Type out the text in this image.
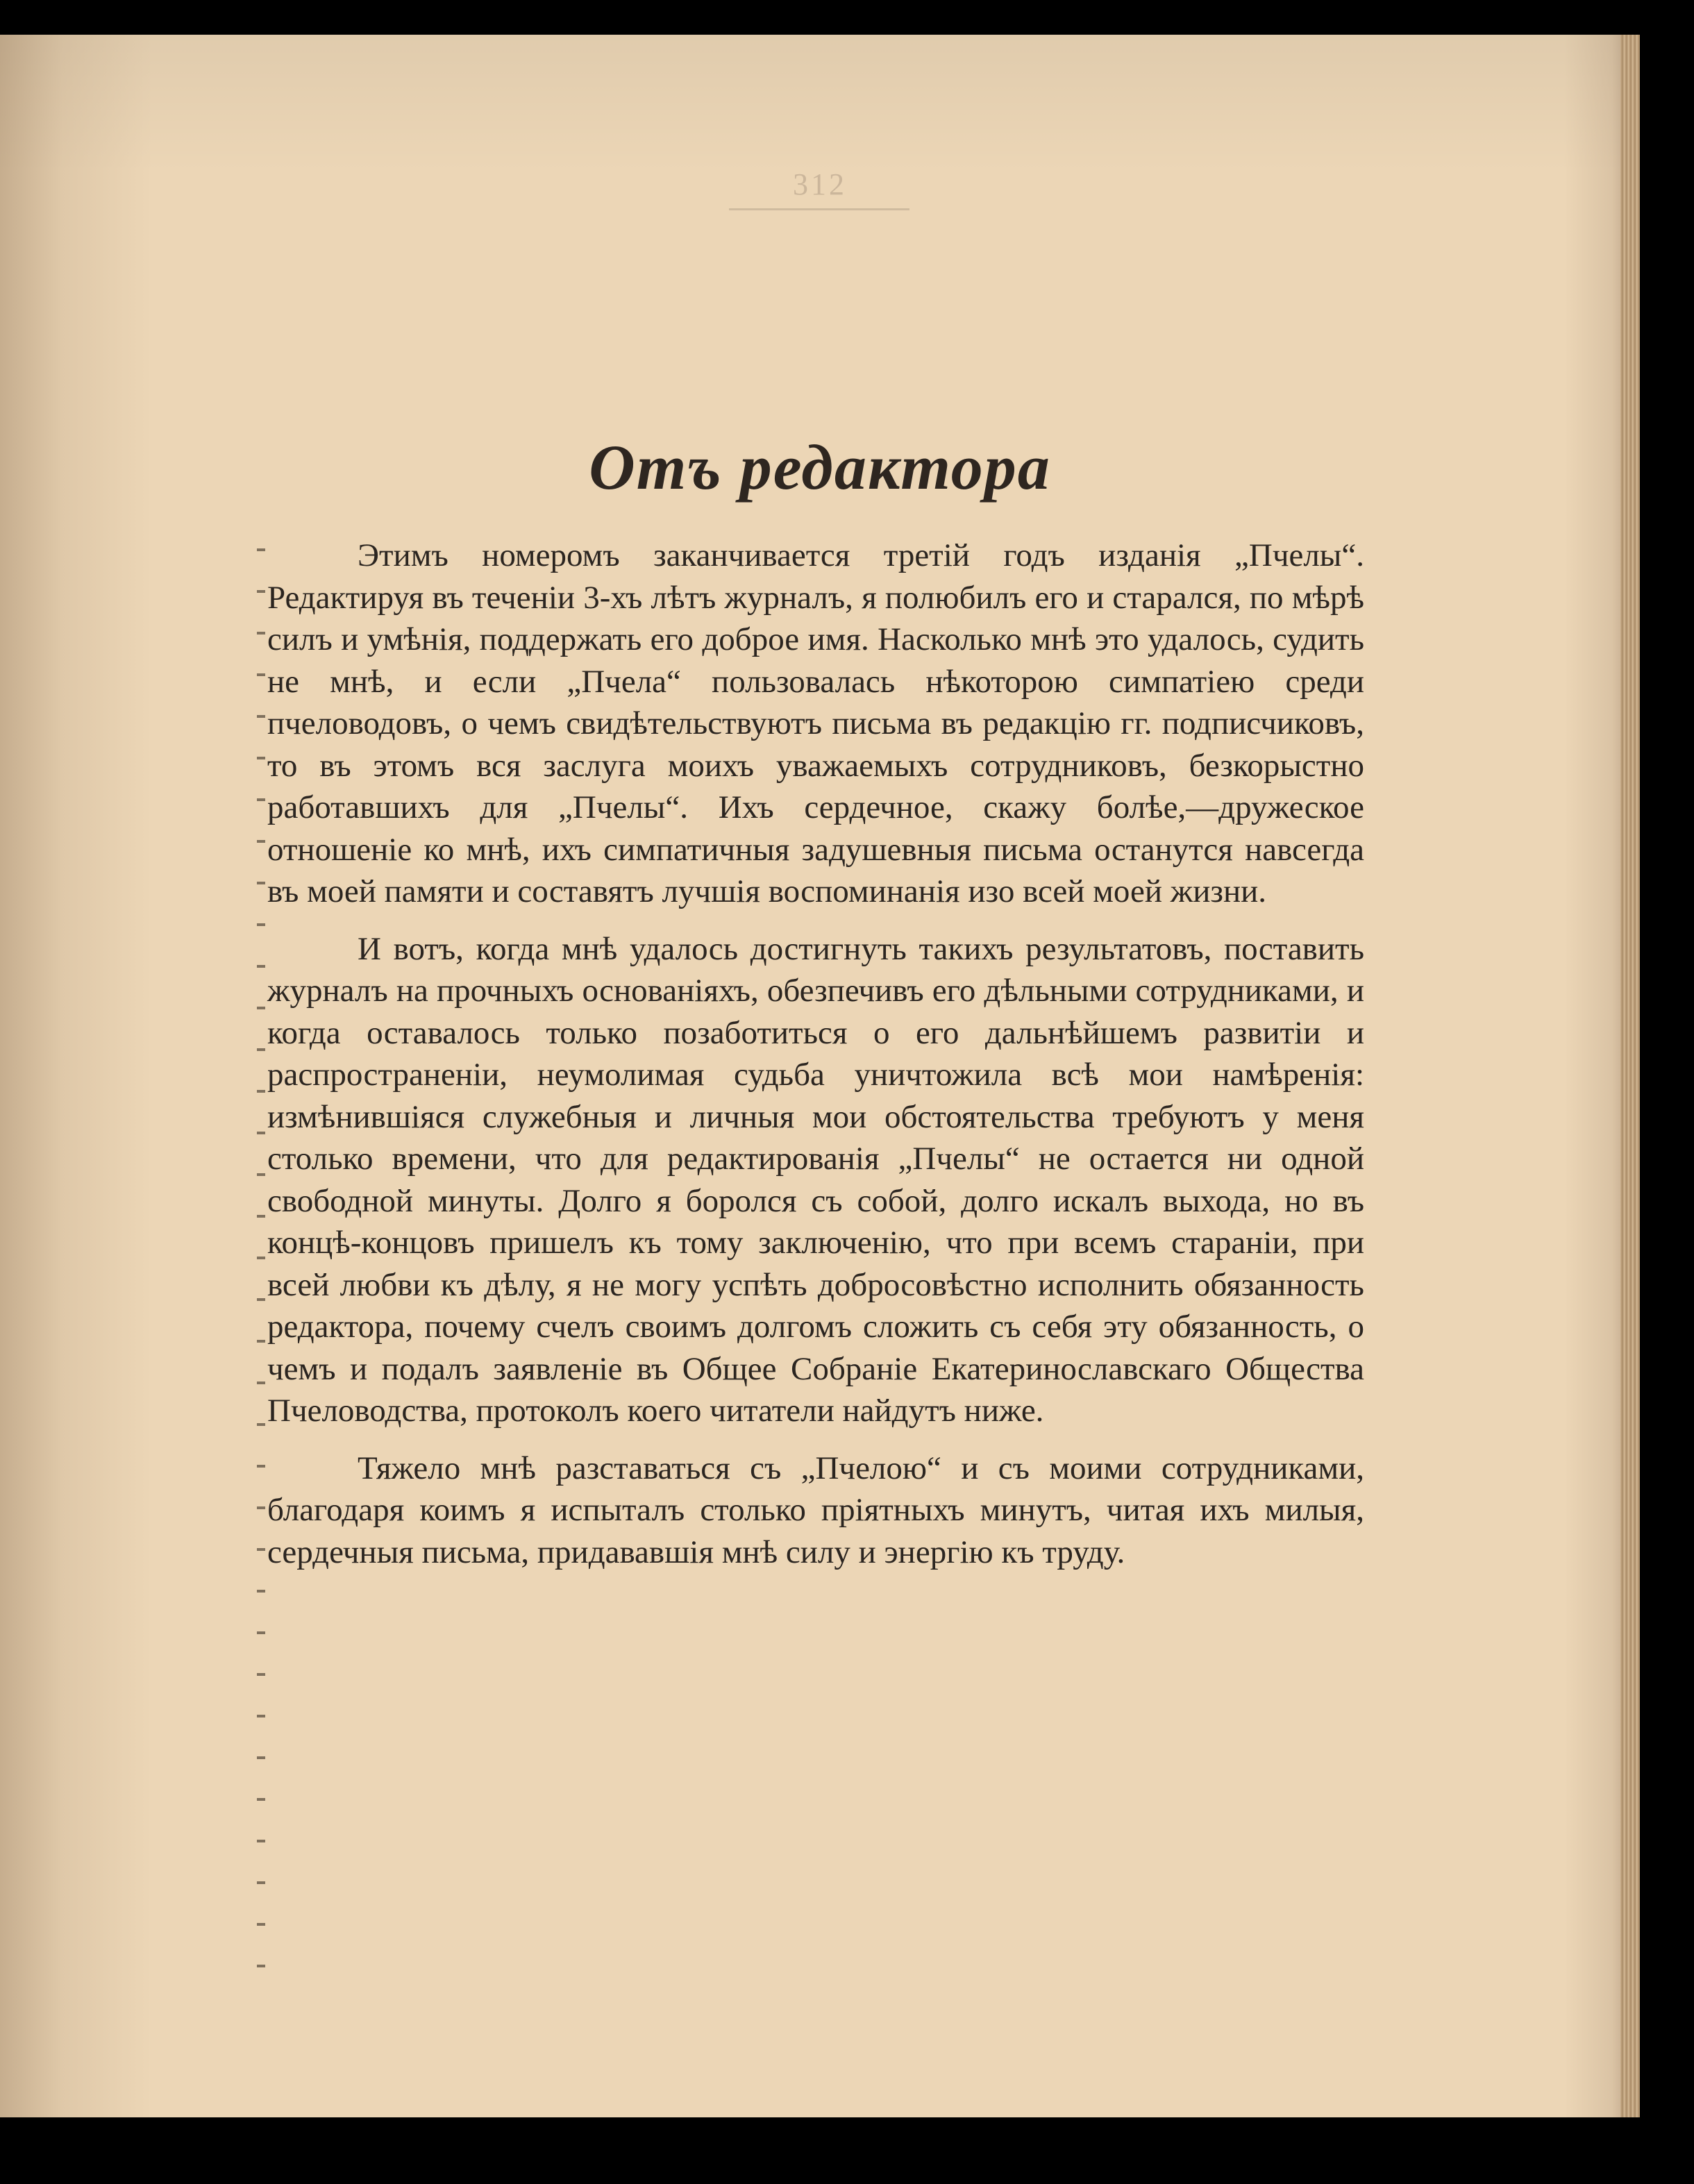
312
Отъ редактора

Этимъ номеромъ заканчивается третій годъ изданія „Пчелы“. Редактируя въ теченіи 3-хъ лѣтъ журналъ, я полюбилъ его и старался, по мѣрѣ силъ и умѣнія, поддержать его доброе имя. Насколько мнѣ это удалось, судить не мнѣ, и если „Пчела“ пользовалась нѣкоторою симпатіею среди пчеловодовъ, о чемъ свидѣтельствуютъ письма въ редакцію гг. подписчиковъ, то въ этомъ вся заслуга моихъ уважаемыхъ сотрудниковъ, безкорыстно работавшихъ для „Пчелы“. Ихъ сердечное, скажу болѣе,—дружеское отношеніе ко мнѣ, ихъ симпатичныя задушевныя письма останутся навсегда въ моей памяти и составятъ лучшія воспоминанія изо всей моей жизни.

И вотъ, когда мнѣ удалось достигнуть такихъ результатовъ, поставить журналъ на прочныхъ основаніяхъ, обезпечивъ его дѣльными сотрудниками, и когда оставалось только позаботиться о его дальнѣйшемъ развитіи и распространеніи, неумолимая судьба уничтожила всѣ мои намѣренія: измѣнившіяся служебныя и личныя мои обстоятельства требуютъ у меня столько времени, что для редактированія „Пчелы“ не остается ни одной свободной минуты. Долго я боролся съ собой, долго искалъ выхода, но въ концѣ-концовъ пришелъ къ тому заключенію, что при всемъ стараніи, при всей любви къ дѣлу, я не могу успѣть добросовѣстно исполнить обязанность редактора, почему счелъ своимъ долгомъ сложить съ себя эту обязанность, о чемъ и подалъ заявленіе въ Общее Собраніе Екатеринославскаго Общества Пчеловодства, протоколъ коего читатели найдутъ ниже.

Тяжело мнѣ разставаться съ „Пчелою“ и съ моими сотрудниками, благодаря коимъ я испыталъ столько пріятныхъ минутъ, читая ихъ милыя, сердечныя письма, придававшія мнѣ силу и энергію къ труду.
